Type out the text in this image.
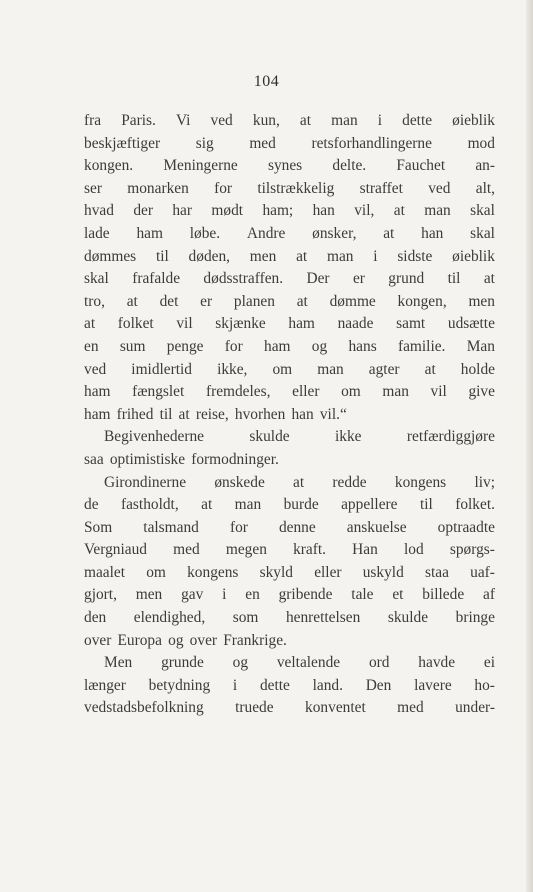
104
fra Paris. Vi ved kun, at man i dette øieblik
beskjæftiger sig med retsforhandlingerne mod
kongen. Meningerne synes delte. Fauchet an-
ser monarken for tilstrækkelig straffet ved alt,
hvad der har mødt ham; han vil, at man skal
lade ham løbe. Andre ønsker, at han skal
dømmes til døden, men at man i sidste øieblik
skal frafalde dødsstraffen. Der er grund til at
tro, at det er planen at dømme kongen, men
at folket vil skjænke ham naade samt udsætte
en sum penge for ham og hans familie. Man
ved imidlertid ikke, om man agter at holde
ham fængslet fremdeles, eller om man vil give
ham frihed til at reise, hvorhen han vil.“
Begivenhederne	skulde	ikke	retfærdiggjøre
saa optimistiske formodninger.
Girondinerne ønskede at redde kongens liv;
de fastholdt, at man burde appellere til folket.
Som talsmand for denne anskuelse optraadte
Vergniaud med megen kraft. Han lod spørgs-
maalet om kongens skyld eller uskyld staa uaf-
gjort, men gav i en gribende tale et billede af
den elendighed, som henrettelsen skulde bringe
over Europa og over Frankrige.
Men grunde og veltalende ord havde ei
længer betydning i dette land. Den lavere ho-
vedstadsbefolkning truede konventet med under-
